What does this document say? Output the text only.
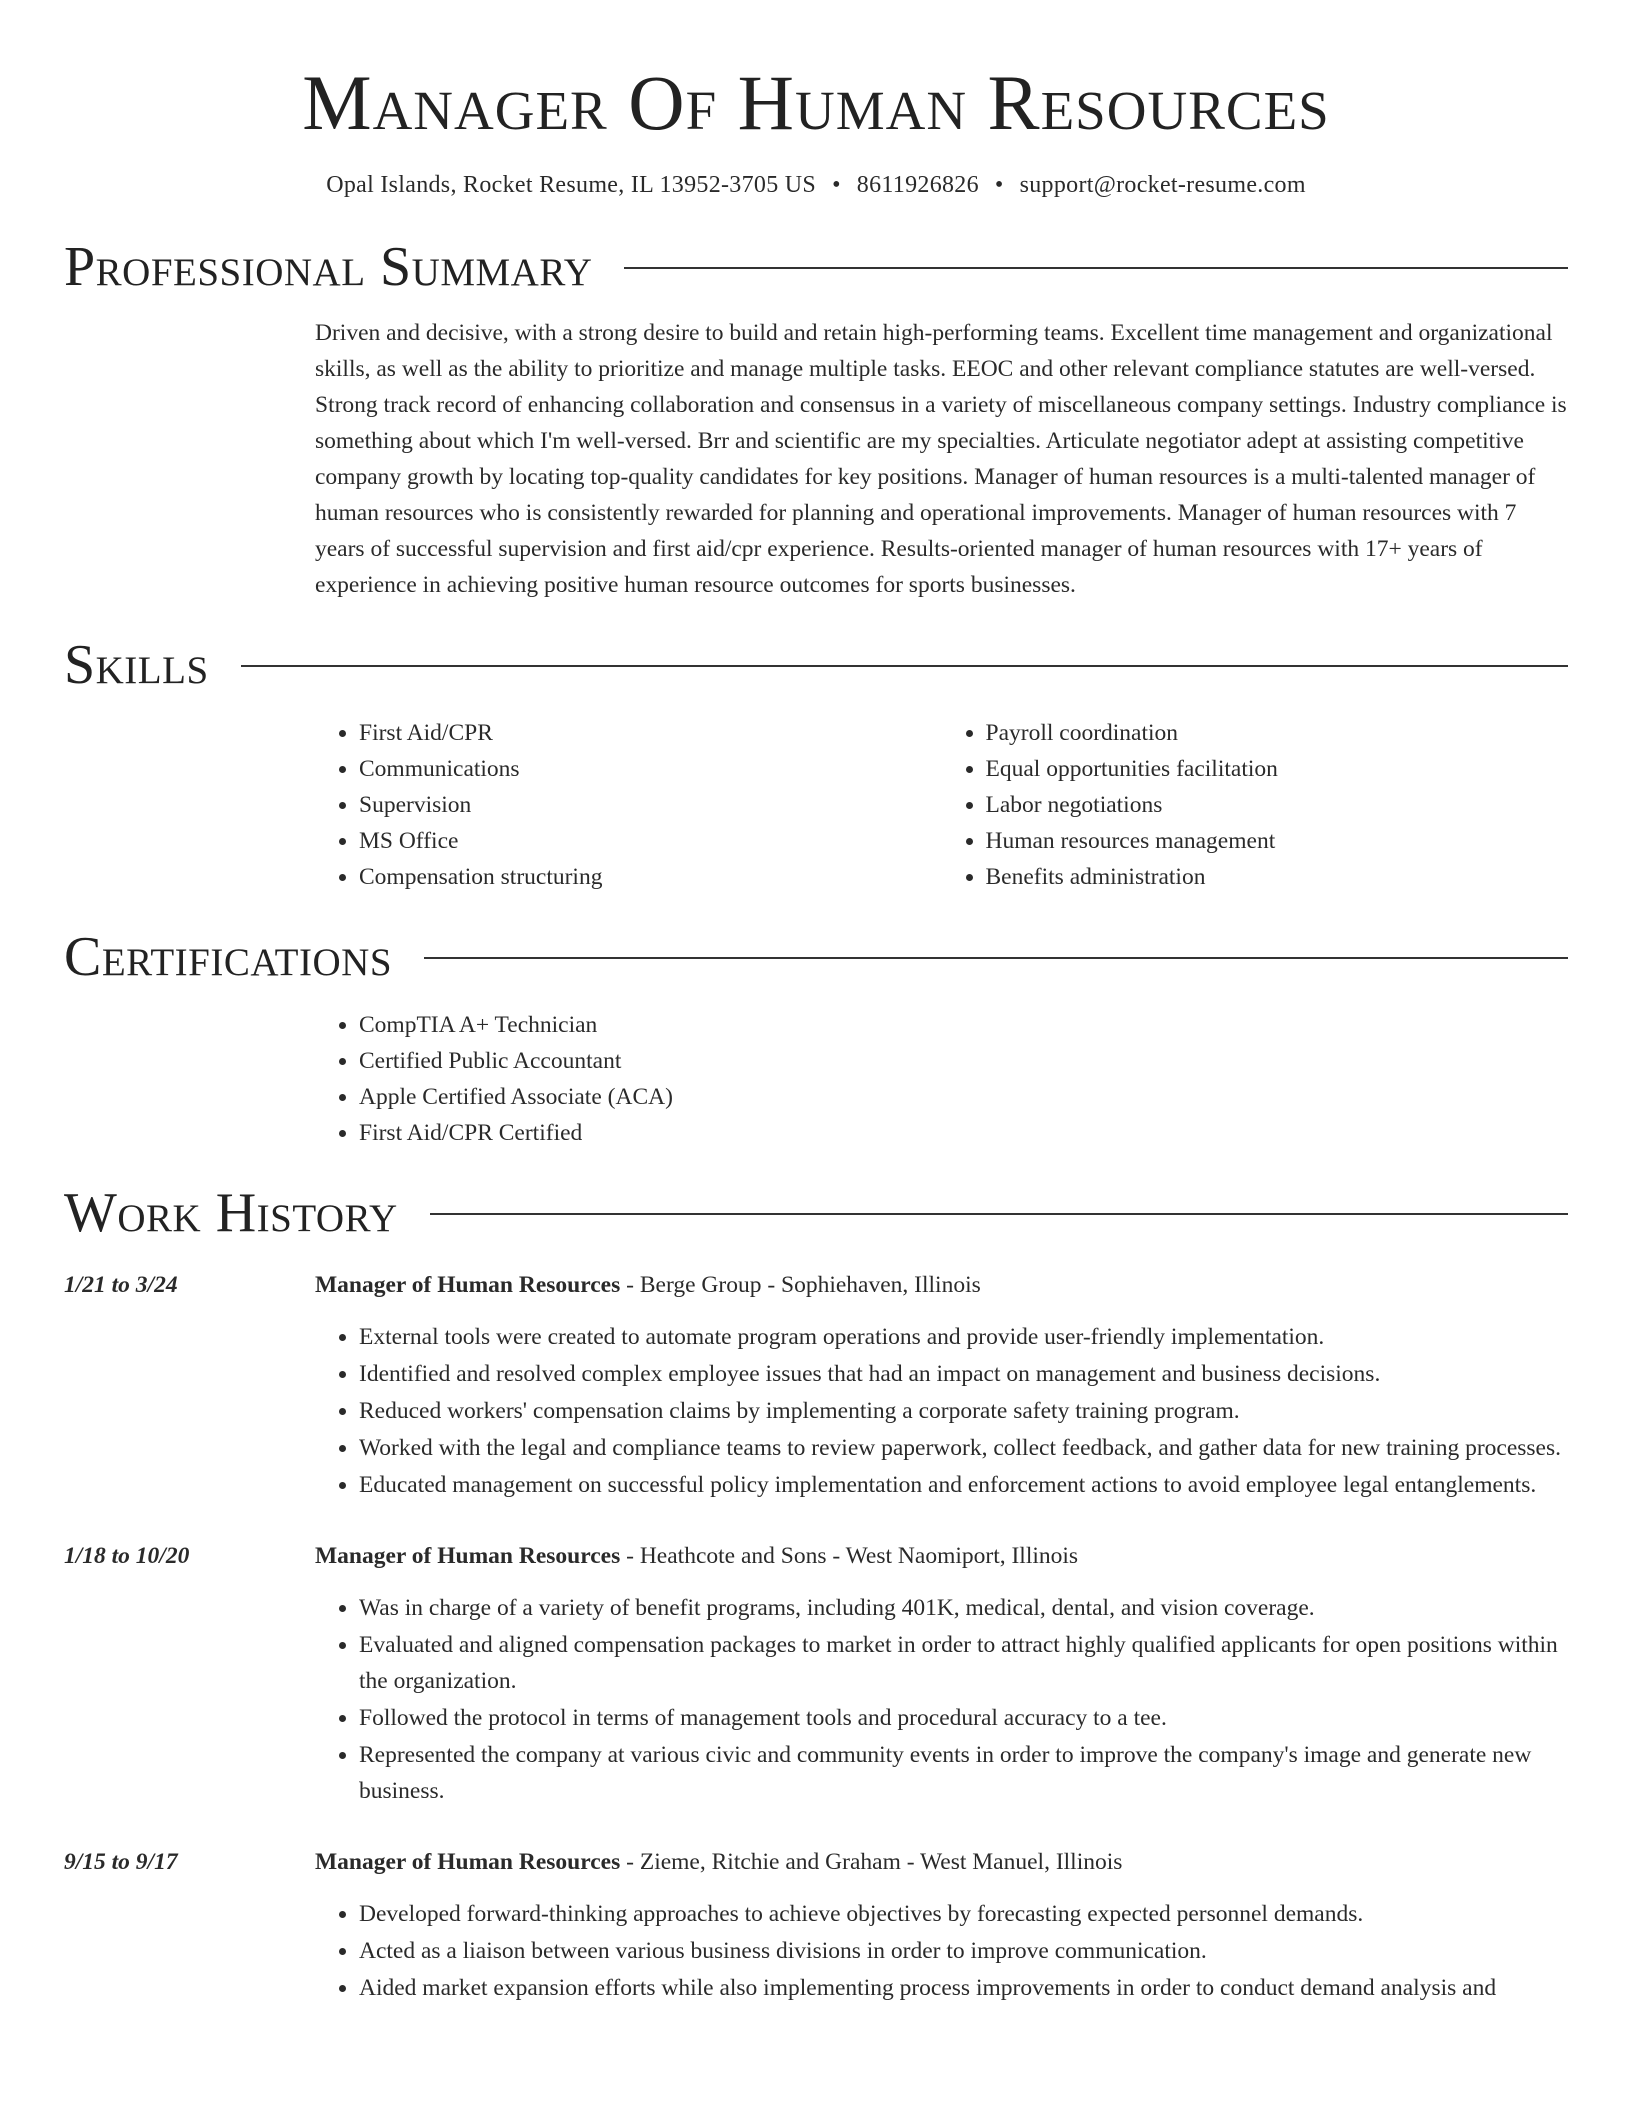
Manager Of Human Resources
Opal Islands, Rocket Resume, IL 13952-3705 US • 8611926826 • support@rocket-resume.com
Professional Summary
Driven and decisive, with a strong desire to build and retain high-performing teams. Excellent time management and organizational skills, as well as the ability to prioritize and manage multiple tasks. EEOC and other relevant compliance statutes are well-versed. Strong track record of enhancing collaboration and consensus in a variety of miscellaneous company settings. Industry compliance is something about which I'm well-versed. Brr and scientific are my specialties. Articulate negotiator adept at assisting competitive company growth by locating top-quality candidates for key positions. Manager of human resources is a multi-talented manager of human resources who is consistently rewarded for planning and operational improvements. Manager of human resources with 7 years of successful supervision and first aid/cpr experience. Results-oriented manager of human resources with 17+ years of experience in achieving positive human resource outcomes for sports businesses.
Skills
• First Aid/CPR
• Communications
• Supervision
• MS Office
• Compensation structuring
• Payroll coordination
• Equal opportunities facilitation
• Labor negotiations
• Human resources management
• Benefits administration
Certifications
• CompTIA A+ Technician
• Certified Public Accountant
• Apple Certified Associate (ACA)
• First Aid/CPR Certified
Work History
1/21 to 3/24	Manager of Human Resources - Berge Group - Sophiehaven, Illinois
• External tools were created to automate program operations and provide user-friendly implementation.
• Identified and resolved complex employee issues that had an impact on management and business decisions.
• Reduced workers' compensation claims by implementing a corporate safety training program.
• Worked with the legal and compliance teams to review paperwork, collect feedback, and gather data for new training processes.
• Educated management on successful policy implementation and enforcement actions to avoid employee legal entanglements.
1/18 to 10/20	Manager of Human Resources - Heathcote and Sons - West Naomiport, Illinois
• Was in charge of a variety of benefit programs, including 401K, medical, dental, and vision coverage.
• Evaluated and aligned compensation packages to market in order to attract highly qualified applicants for open positions within the organization.
• Followed the protocol in terms of management tools and procedural accuracy to a tee.
• Represented the company at various civic and community events in order to improve the company's image and generate new business.
9/15 to 9/17	Manager of Human Resources - Zieme, Ritchie and Graham - West Manuel, Illinois
• Developed forward-thinking approaches to achieve objectives by forecasting expected personnel demands.
• Acted as a liaison between various business divisions in order to improve communication.
• Aided market expansion efforts while also implementing process improvements in order to conduct demand analysis and
